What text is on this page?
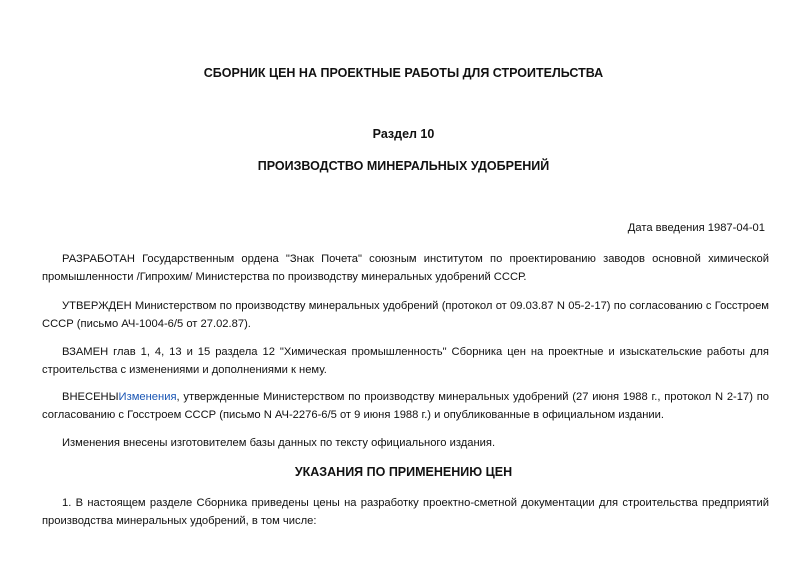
СБОРНИК ЦЕН НА ПРОЕКТНЫЕ РАБОТЫ ДЛЯ СТРОИТЕЛЬСТВА
Раздел 10
ПРОИЗВОДСТВО МИНЕРАЛЬНЫХ УДОБРЕНИЙ
Дата введения 1987-04-01
РАЗРАБОТАН Государственным ордена "Знак Почета" союзным институтом по проектированию заводов основной химической промышленности /Гипрохим/ Министерства по производству минеральных удобрений СССР.
УТВЕРЖДЕН Министерством по производству минеральных удобрений (протокол от 09.03.87 N 05-2-17) по согласованию с Госстроем СССР (письмо АЧ-1004-6/5 от 27.02.87).
ВЗАМЕН глав 1, 4, 13 и 15 раздела 12 "Химическая промышленность" Сборника цен на проектные и изыскательские работы для строительства с изменениями и дополнениями к нему.
ВНЕСЕНЫИзменения, утвержденные Министерством по производству минеральных удобрений (27 июня 1988 г., протокол N 2-17) по согласованию с Госстроем СССР (письмо N АЧ-2276-6/5 от 9 июня 1988 г.) и опубликованные в официальном издании.
Изменения внесены изготовителем базы данных по тексту официального издания.
УКАЗАНИЯ ПО ПРИМЕНЕНИЮ ЦЕН
1. В настоящем разделе Сборника приведены цены на разработку проектно-сметной документации для строительства предприятий производства минеральных удобрений, в том числе:
